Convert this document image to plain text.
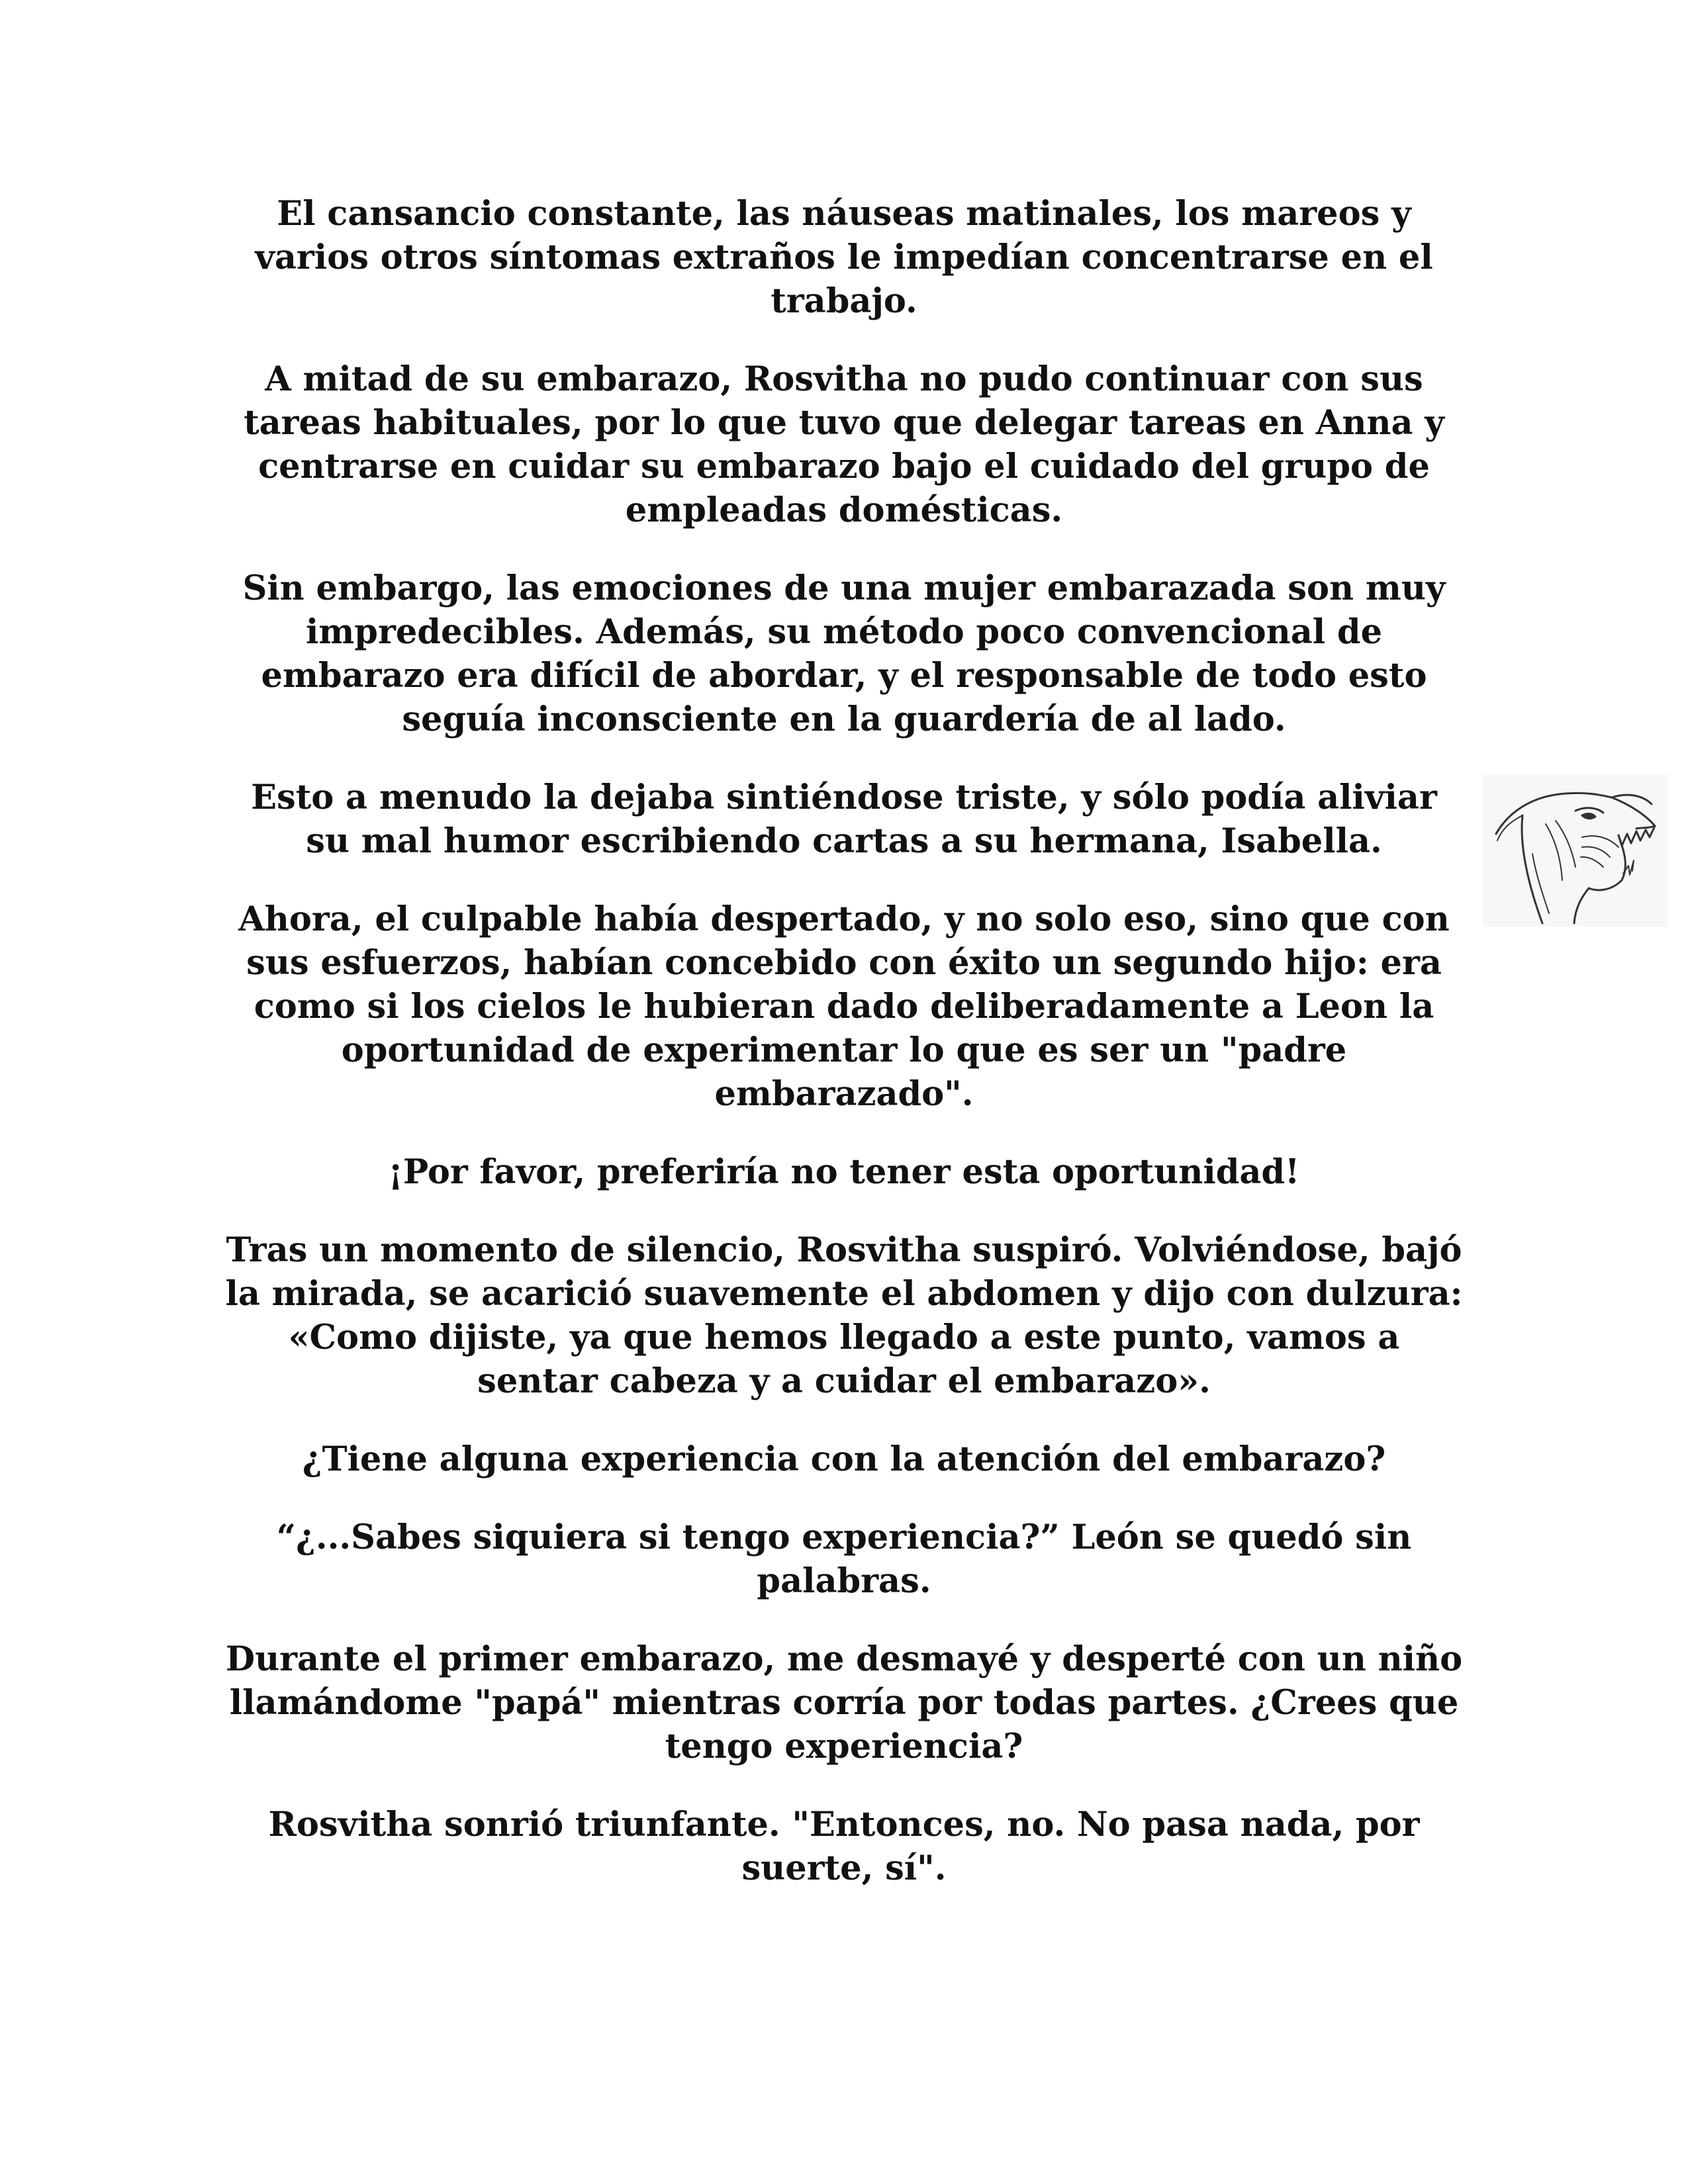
El cansancio constante, las náuseas matinales, los mareos y varios otros síntomas extraños le impedían concentrarse en el trabajo.

A mitad de su embarazo, Rosvitha no pudo continuar con sus tareas habituales, por lo que tuvo que delegar tareas en Anna y centrarse en cuidar su embarazo bajo el cuidado del grupo de empleadas domésticas.

Sin embargo, las emociones de una mujer embarazada son muy impredecibles. Además, su método poco convencional de embarazo era difícil de abordar, y el responsable de todo esto seguía inconsciente en la guardería de al lado.

Esto a menudo la dejaba sintiéndose triste, y sólo podía aliviar su mal humor escribiendo cartas a su hermana, Isabella.

Ahora, el culpable había despertado, y no solo eso, sino que con sus esfuerzos, habían concebido con éxito un segundo hijo: era como si los cielos le hubieran dado deliberadamente a Leon la oportunidad de experimentar lo que es ser un "padre embarazado".

¡Por favor, preferiría no tener esta oportunidad!

Tras un momento de silencio, Rosvitha suspiró. Volviéndose, bajó la mirada, se acarició suavemente el abdomen y dijo con dulzura: «Como dijiste, ya que hemos llegado a este punto, vamos a sentar cabeza y a cuidar el embarazo».

¿Tiene alguna experiencia con la atención del embarazo?

“¿...Sabes siquiera si tengo experiencia?” León se quedó sin palabras.

Durante el primer embarazo, me desmayé y desperté con un niño llamándome "papá" mientras corría por todas partes. ¿Crees que tengo experiencia?

Rosvitha sonrió triunfante. "Entonces, no. No pasa nada, por suerte, sí".
